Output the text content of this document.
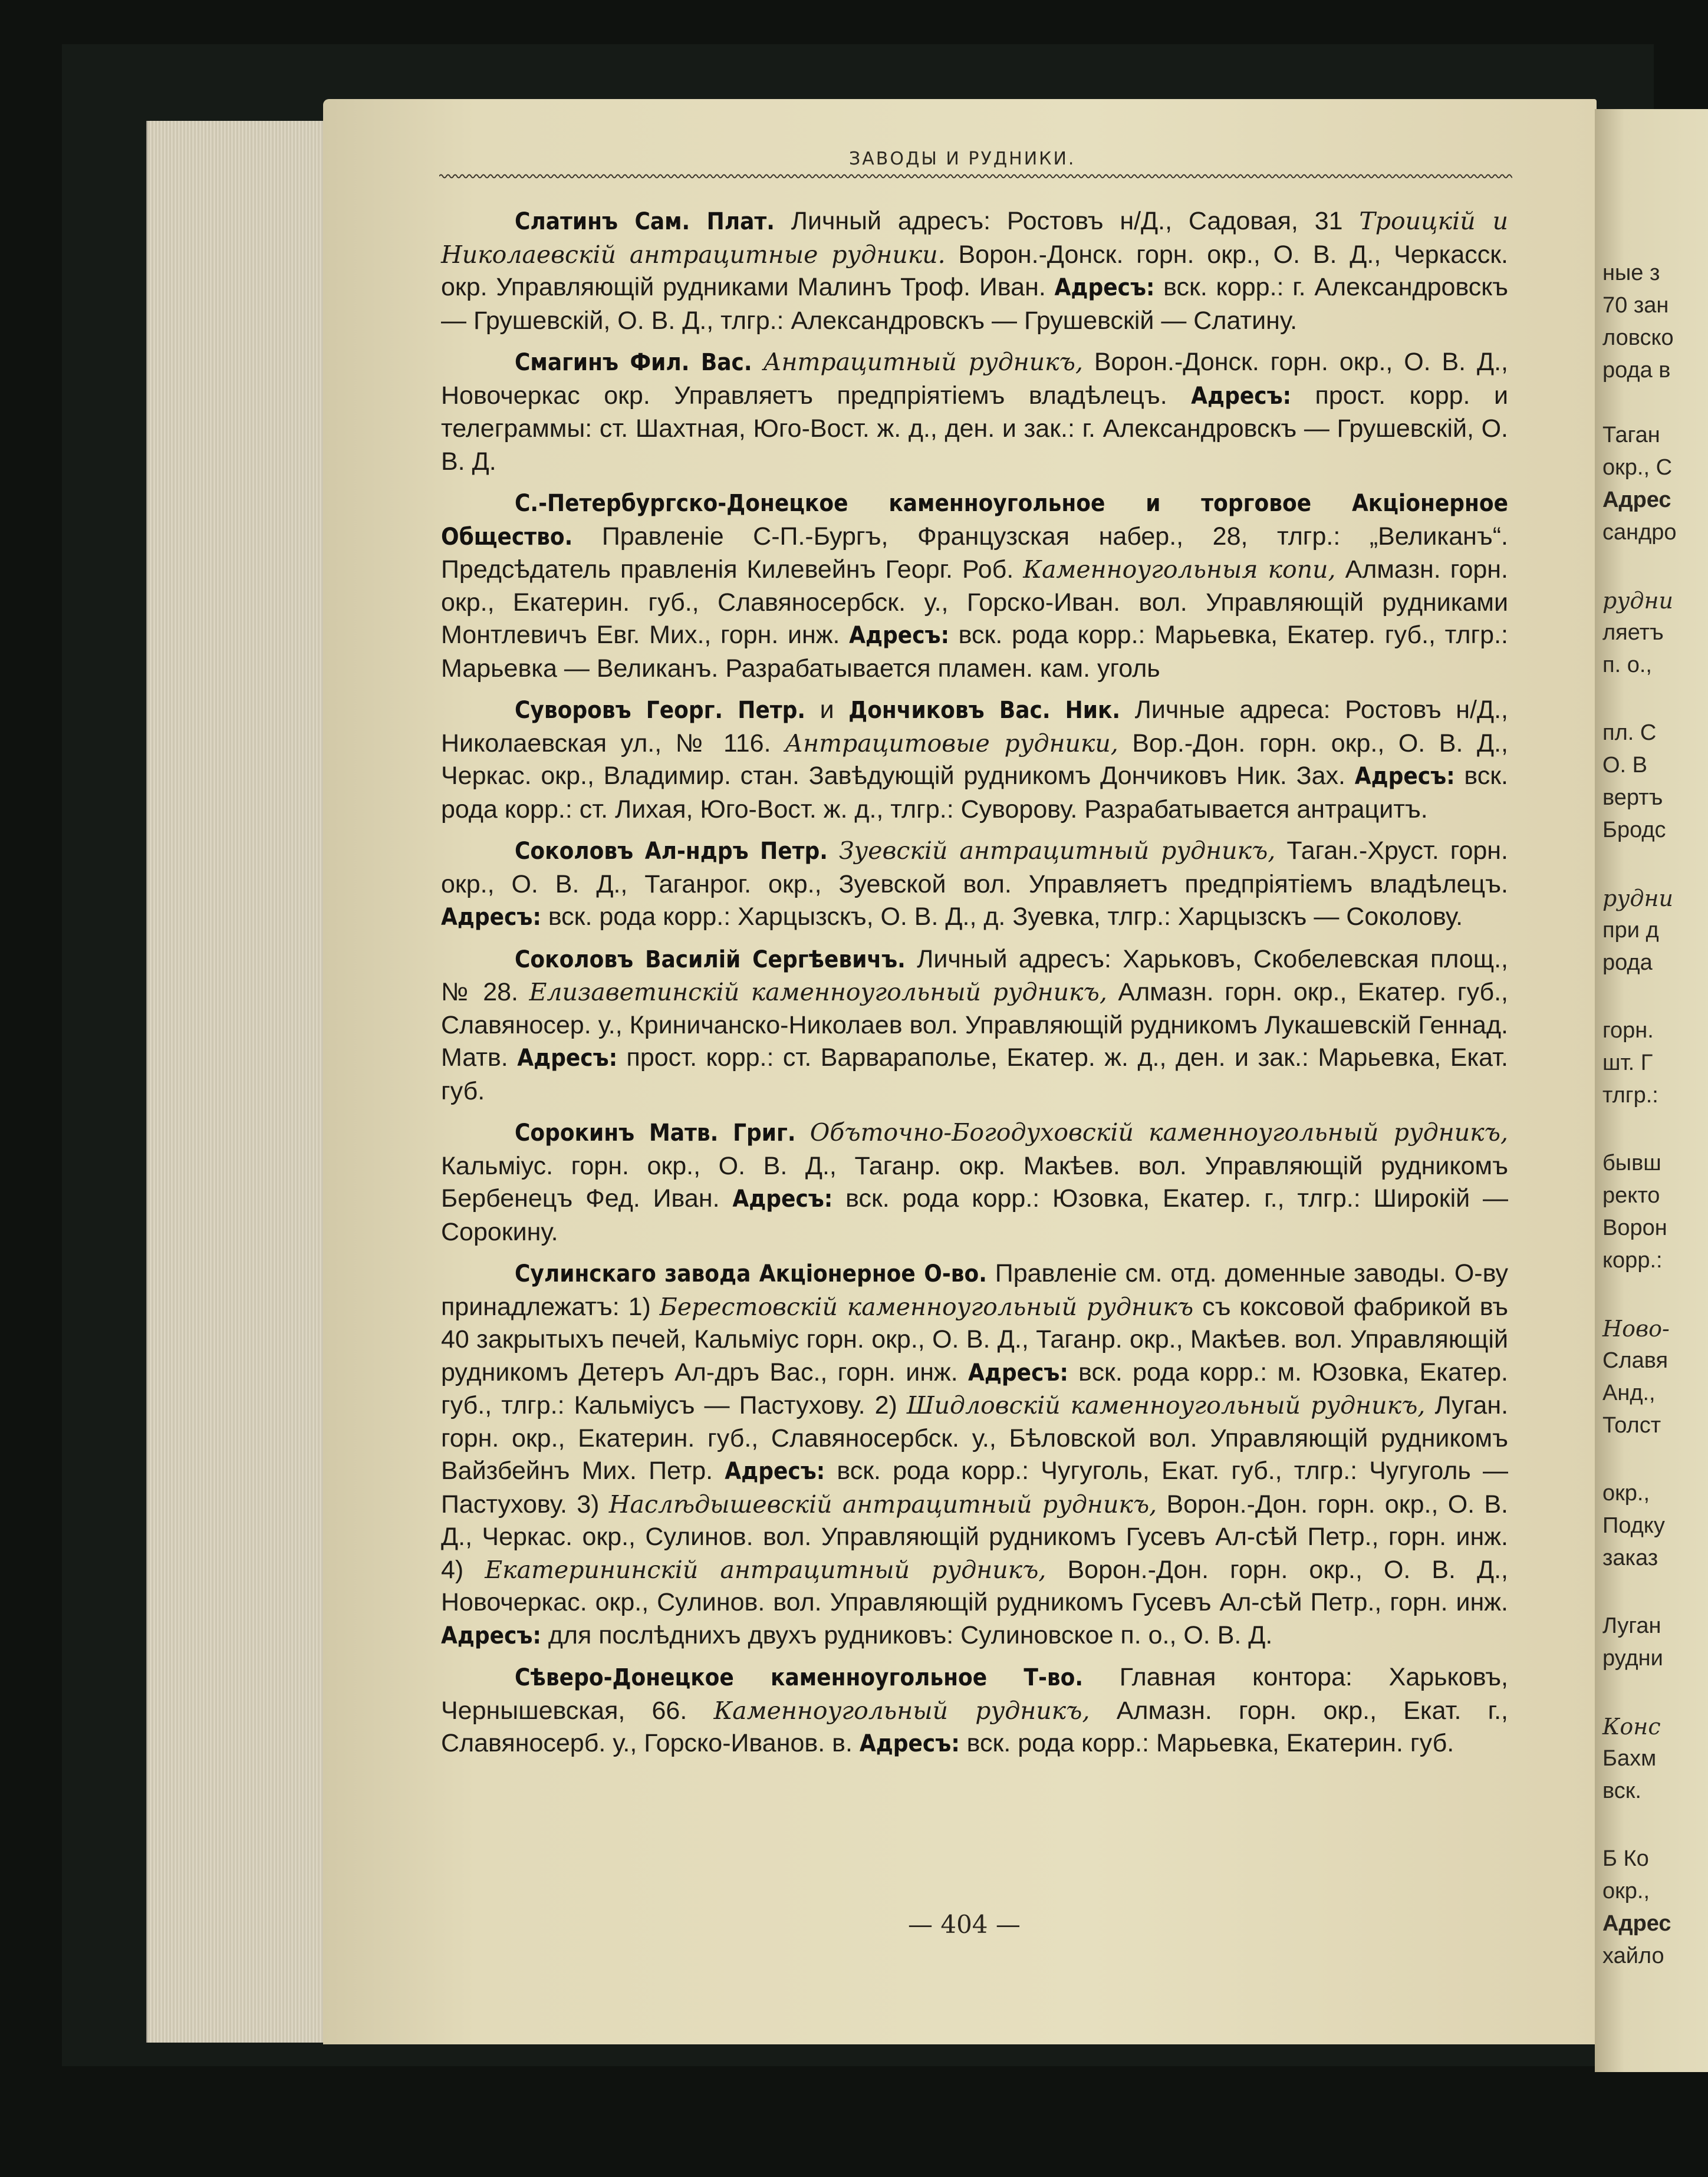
ЗАВОДЫ И РУДНИКИ.

Слатинъ Сам. Плат. Личный адресъ: Ростовъ н/Д., Садовая, 31 Троицкій и Николаевскій антрацитные рудники. Ворон.-Донск. горн. окр., О. В. Д., Черкасск. окр. Управляющій рудниками Малинъ Троф. Иван. Адресъ: вск. корр.: г. Александровскъ — Грушевскій, О. В. Д., тлгр.: Александровскъ — Грушевскій — Слатину.

Смагинъ Фил. Вас. Антрацитный рудникъ, Ворон.-Донск. горн. окр., О. В. Д., Новочеркас окр. Управляетъ предпріятіемъ владѣлецъ. Адресъ: прост. корр. и телеграммы: ст. Шахтная, Юго-Вост. ж. д., ден. и зак.: г. Александровскъ — Грушевскій, О. В. Д.

С.-Петербургско-Донецкое каменноугольное и торговое Акціонерное Общество. Правленіе С-П.-Бургъ, Французская набер., 28, тлгр.: „Великанъ“. Предсѣдатель правленія Килевейнъ Георг. Роб. Каменноугольныя копи, Алмазн. горн. окр., Екатерин. губ., Славяносербск. у., Горско-Иван. вол. Управляющій рудниками Монтлевичъ Евг. Мих., горн. инж. Адресъ: вск. рода корр.: Марьевка, Екатер. губ., тлгр.: Марьевка — Великанъ. Разрабатывается пламен. кам. уголь

Суворовъ Георг. Петр. и Дончиковъ Вас. Ник. Личные адреса: Ростовъ н/Д., Николаевская ул., № 116. Антрацитовые рудники, Вор.-Дон. горн. окр., О. В. Д., Черкас. окр., Владимир. стан. Завѣдующій рудникомъ Дончиковъ Ник. Зах. Адресъ: вск. рода корр.: ст. Лихая, Юго-Вост. ж. д., тлгр.: Суворову. Разрабатывается антрацитъ.

Соколовъ Ал-ндръ Петр. Зуевскій антрацитный рудникъ, Таган.-Хруст. горн. окр., О. В. Д., Таганрог. окр., Зуевской вол. Управляетъ предпріятіемъ владѣлецъ. Адресъ: вск. рода корр.: Харцызскъ, О. В. Д., д. Зуевка, тлгр.: Харцызскъ — Соколову.

Соколовъ Василій Сергѣевичъ. Личный адресъ: Харьковъ, Скобелевская площ., № 28. Елизаветинскій каменноугольный рудникъ, Алмазн. горн. окр., Екатер. губ., Славяносер. у., Криничанско-Николаев вол. Управляющій рудникомъ Лукашевскій Геннад. Матв. Адресъ: прост. корр.: ст. Варвараполье, Екатер. ж. д., ден. и зак.: Марьевка, Екат. губ.

Сорокинъ Матв. Григ. Объточно-Богодуховскій каменноугольный рудникъ, Кальміус. горн. окр., О. В. Д., Таганр. окр. Макѣев. вол. Управляющій рудникомъ Бербенецъ Фед. Иван. Адресъ: вск. рода корр.: Юзовка, Екатер. г., тлгр.: Широкій — Сорокину.

Сулинскаго завода Акціонерное О-во. Правленіе см. отд. доменные заводы. О-ву принадлежатъ: 1) Берестовскій каменноугольный рудникъ съ коксовой фабрикой въ 40 закрытыхъ печей, Кальміус горн. окр., О. В. Д., Таганр. окр., Макѣев. вол. Управляющій рудникомъ Детеръ Ал-дръ Вас., горн. инж. Адресъ: вск. рода корр.: м. Юзовка, Екатер. губ., тлгр.: Кальміусъ — Пастухову. 2) Шидловскій каменноугольный рудникъ, Луган. горн. окр., Екатерин. губ., Славяносербск. у., Бѣловской вол. Управляющій рудникомъ Вайзбейнъ Мих. Петр. Адресъ: вск. рода корр.: Чугуголь, Екат. губ., тлгр.: Чугуголь — Пастухову. 3) Наслѣдышевскій антрацитный рудникъ, Ворон.-Дон. горн. окр., О. В. Д., Черкас. окр., Сулинов. вол. Управляющій рудникомъ Гусевъ Ал-сѣй Петр., горн. инж. 4) Екатерининскій антрацитный рудникъ, Ворон.-Дон. горн. окр., О. В. Д., Новочеркас. окр., Сулинов. вол. Управляющій рудникомъ Гусевъ Ал-сѣй Петр., горн. инж. Адресъ: для послѣднихъ двухъ рудниковъ: Сулиновское п. о., О. В. Д.

Сѣверо-Донецкое каменноугольное Т-во. Главная контора: Харьковъ, Чернышевская, 66. Каменноугольный рудникъ, Алмазн. горн. окр., Екат. г., Славяносерб. у., Горско-Иванов. в. Адресъ: вск. рода корр.: Марьевка, Екатерин. губ.

— 404 —
ные з
70 зан
ловско
рода в
Таган
окр., С
Адрес
сандро
рудни
ляетъ
п. о.,
пл. С
О. В
вертъ
Бродс
рудни
при д
рода
горн.
шт. Г
тлгр.:
бывш
ректо
Ворон
корр.:
Ново-
Славя
Анд.,
Толст
окр.,
Подку
заказ
Луган
рудни
Конс
Бахм
вск.
Б Ко
окр.,
Адрес
хайло
